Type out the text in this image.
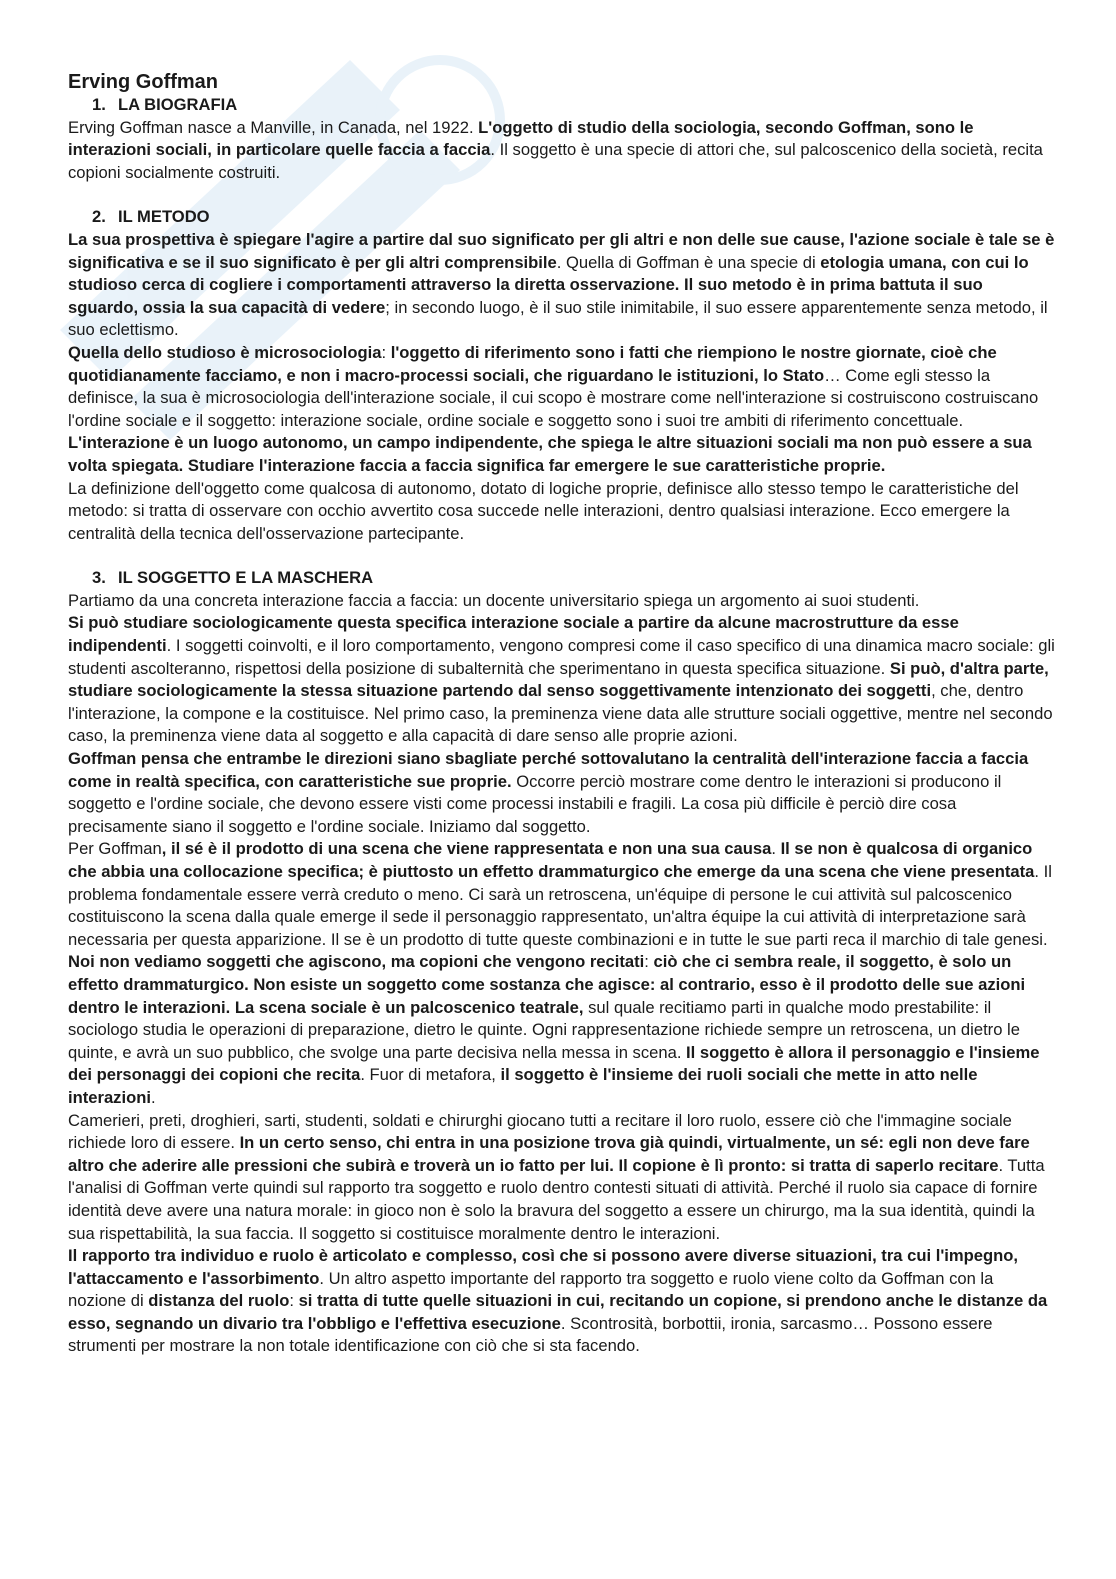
Erving Goffman
1. LA BIOGRAFIA

Erving Goffman nasce a Manville, in Canada, nel 1922. L'oggetto di studio della sociologia, secondo Goffman, sono le interazioni sociali, in particolare quelle faccia a faccia. Il soggetto è una specie di attori che, sul palcoscenico della società, recita copioni socialmente costruiti.

2. IL METODO

La sua prospettiva è spiegare l'agire a partire dal suo significato per gli altri e non delle sue cause, l'azione sociale è tale se è significativa e se il suo significato è per gli altri comprensibile. Quella di Goffman è una specie di etologia umana, con cui lo studioso cerca di cogliere i comportamenti attraverso la diretta osservazione. Il suo metodo è in prima battuta il suo sguardo, ossia la sua capacità di vedere; in secondo luogo, è il suo stile inimitabile, il suo essere apparentemente senza metodo, il suo eclettismo.

Quella dello studioso è microsociologia: l'oggetto di riferimento sono i fatti che riempiono le nostre giornate, cioè che quotidianamente facciamo, e non i macro-processi sociali, che riguardano le istituzioni, lo Stato… Come egli stesso la definisce, la sua è microsociologia dell'interazione sociale, il cui scopo è mostrare come nell'interazione si costruiscono costruiscano l'ordine sociale e il soggetto: interazione sociale, ordine sociale e soggetto sono i suoi tre ambiti di riferimento concettuale.

L'interazione è un luogo autonomo, un campo indipendente, che spiega le altre situazioni sociali ma non può essere a sua volta spiegata. Studiare l'interazione faccia a faccia significa far emergere le sue caratteristiche proprie.

La definizione dell'oggetto come qualcosa di autonomo, dotato di logiche proprie, definisce allo stesso tempo le caratteristiche del metodo: si tratta di osservare con occhio avvertito cosa succede nelle interazioni, dentro qualsiasi interazione. Ecco emergere la centralità della tecnica dell'osservazione partecipante.

3. IL SOGGETTO E LA MASCHERA

Partiamo da una concreta interazione faccia a faccia: un docente universitario spiega un argomento ai suoi studenti.

Si può studiare sociologicamente questa specifica interazione sociale a partire da alcune macrostrutture da esse indipendenti. I soggetti coinvolti, e il loro comportamento, vengono compresi come il caso specifico di una dinamica macro sociale: gli studenti ascolteranno, rispettosi della posizione di subalternità che sperimentano in questa specifica situazione. Si può, d'altra parte, studiare sociologicamente la stessa situazione partendo dal senso soggettivamente intenzionato dei soggetti, che, dentro l'interazione, la compone e la costituisce. Nel primo caso, la preminenza viene data alle strutture sociali oggettive, mentre nel secondo caso, la preminenza viene data al soggetto e alla capacità di dare senso alle proprie azioni.

Goffman pensa che entrambe le direzioni siano sbagliate perché sottovalutano la centralità dell'interazione faccia a faccia come in realtà specifica, con caratteristiche sue proprie. Occorre perciò mostrare come dentro le interazioni si producono il soggetto e l'ordine sociale, che devono essere visti come processi instabili e fragili. La cosa più difficile è perciò dire cosa precisamente siano il soggetto e l'ordine sociale. Iniziamo dal soggetto.

Per Goffman, il sé è il prodotto di una scena che viene rappresentata e non una sua causa. Il se non è qualcosa di organico che abbia una collocazione specifica; è piuttosto un effetto drammaturgico che emerge da una scena che viene presentata. Il problema fondamentale essere verrà creduto o meno. Ci sarà un retroscena, un'équipe di persone le cui attività sul palcoscenico costituiscono la scena dalla quale emerge il sede il personaggio rappresentato, un'altra équipe la cui attività di interpretazione sarà necessaria per questa apparizione. Il se è un prodotto di tutte queste combinazioni e in tutte le sue parti reca il marchio di tale genesi.

Noi non vediamo soggetti che agiscono, ma copioni che vengono recitati: ciò che ci sembra reale, il soggetto, è solo un effetto drammaturgico. Non esiste un soggetto come sostanza che agisce: al contrario, esso è il prodotto delle sue azioni dentro le interazioni. La scena sociale è un palcoscenico teatrale, sul quale recitiamo parti in qualche modo prestabilite: il sociologo studia le operazioni di preparazione, dietro le quinte. Ogni rappresentazione richiede sempre un retroscena, un dietro le quinte, e avrà un suo pubblico, che svolge una parte decisiva nella messa in scena. Il soggetto è allora il personaggio e l'insieme dei personaggi dei copioni che recita. Fuor di metafora, il soggetto è l'insieme dei ruoli sociali che mette in atto nelle interazioni.

Camerieri, preti, droghieri, sarti, studenti, soldati e chirurghi giocano tutti a recitare il loro ruolo, essere ciò che l'immagine sociale richiede loro di essere. In un certo senso, chi entra in una posizione trova già quindi, virtualmente, un sé: egli non deve fare altro che aderire alle pressioni che subirà e troverà un io fatto per lui. Il copione è lì pronto: si tratta di saperlo recitare. Tutta l'analisi di Goffman verte quindi sul rapporto tra soggetto e ruolo dentro contesti situati di attività. Perché il ruolo sia capace di fornire identità deve avere una natura morale: in gioco non è solo la bravura del soggetto a essere un chirurgo, ma la sua identità, quindi la sua rispettabilità, la sua faccia. Il soggetto si costituisce moralmente dentro le interazioni.

Il rapporto tra individuo e ruolo è articolato e complesso, così che si possono avere diverse situazioni, tra cui l'impegno, l'attaccamento e l'assorbimento. Un altro aspetto importante del rapporto tra soggetto e ruolo viene colto da Goffman con la nozione di distanza del ruolo: si tratta di tutte quelle situazioni in cui, recitando un copione, si prendono anche le distanze da esso, segnando un divario tra l'obbligo e l'effettiva esecuzione. Scontrosità, borbottii, ironia, sarcasmo… Possono essere strumenti per mostrare la non totale identificazione con ciò che si sta facendo.
